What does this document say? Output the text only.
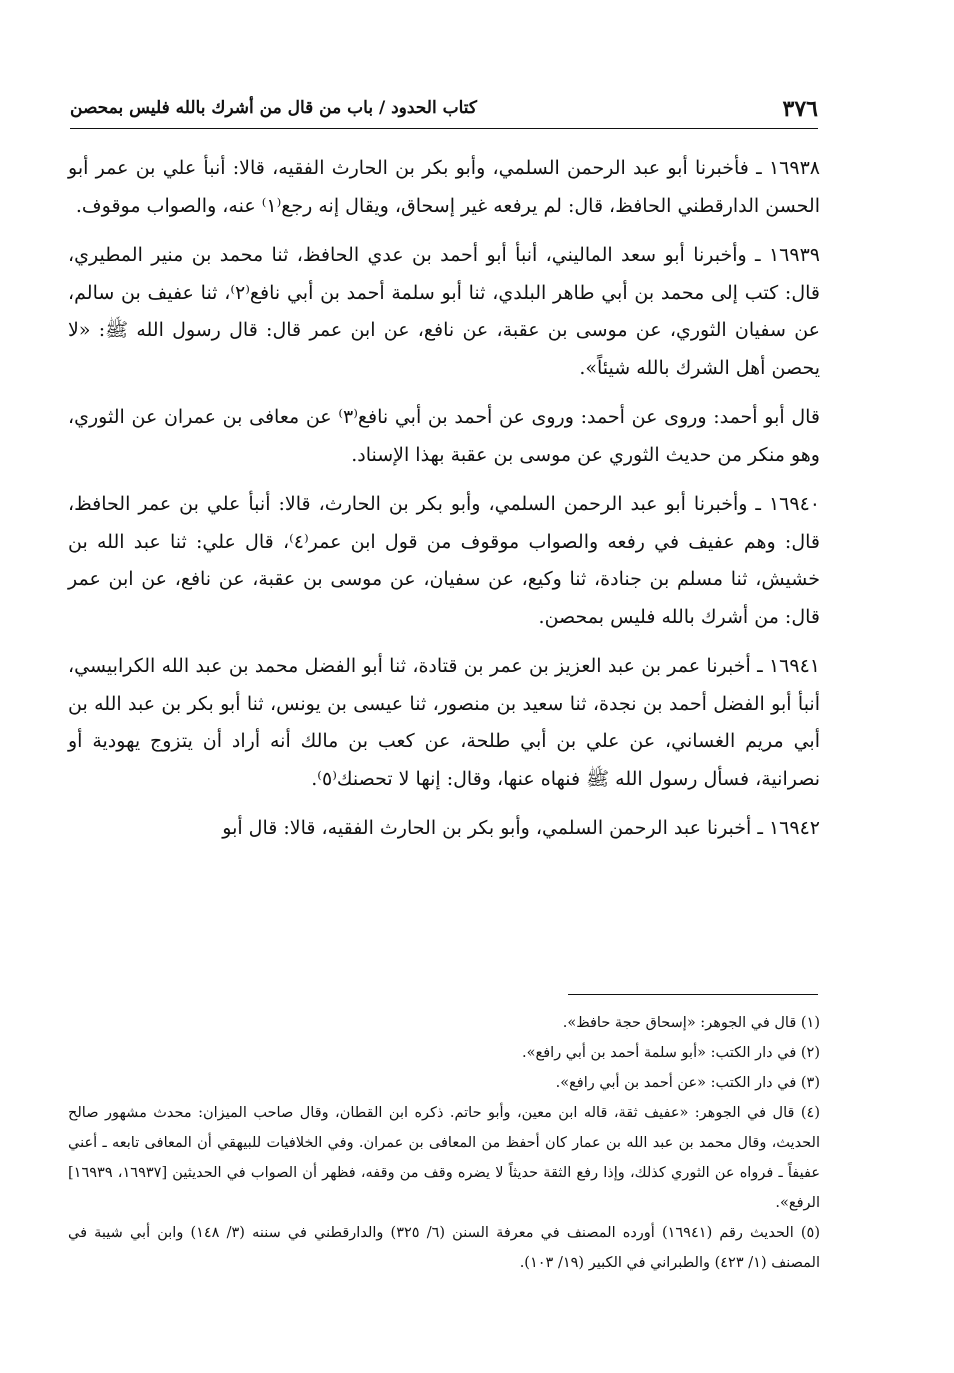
٣٧٦
كتاب الحدود / باب من قال من أشرك بالله فليس بمحصن

١٦٩٣٨ ـ فأخبرنا أبو عبد الرحمن السلمي، وأبو بكر بن الحارث الفقيه، قالا: أنبأ علي بن عمر أبو الحسن الدارقطني الحافظ، قال: لم يرفعه غير إسحاق، ويقال إنه رجع⁽١⁾ عنه، والصواب موقوف.

١٦٩٣٩ ـ وأخبرنا أبو سعد الماليني، أنبأ أبو أحمد بن عدي الحافظ، ثنا محمد بن منير المطيري، قال: كتب إلى محمد بن أبي طاهر البلدي، ثنا أبو سلمة أحمد بن أبي نافع⁽٢⁾، ثنا عفيف بن سالم، عن سفيان الثوري، عن موسى بن عقبة، عن نافع، عن ابن عمر قال: قال رسول الله ﷺ: «لا يحصن أهل الشرك بالله شيئاً».

قال أبو أحمد: وروى عن أحمد: وروى عن أحمد بن أبي نافع⁽٣⁾ عن معافى بن عمران عن الثوري، وهو منكر من حديث الثوري عن موسى بن عقبة بهذا الإسناد.

١٦٩٤٠ ـ وأخبرنا أبو عبد الرحمن السلمي، وأبو بكر بن الحارث، قالا: أنبأ علي بن عمر الحافظ، قال: وهم عفيف في رفعه والصواب موقوف من قول ابن عمر⁽٤⁾، قال علي: ثنا عبد الله بن خشيش، ثنا مسلم بن جنادة، ثنا وكيع، عن سفيان، عن موسى بن عقبة، عن نافع، عن ابن عمر قال: من أشرك بالله فليس بمحصن.

١٦٩٤١ ـ أخبرنا عمر بن عبد العزيز بن عمر بن قتادة، ثنا أبو الفضل محمد بن عبد الله الكرابيسي، أنبأ أبو الفضل أحمد بن نجدة، ثنا سعيد بن منصور، ثنا عيسى بن يونس، ثنا أبو بكر بن عبد الله بن أبي مريم الغساني، عن علي بن أبي طلحة، عن كعب بن مالك أنه أراد أن يتزوج يهودية أو نصرانية، فسأل رسول الله ﷺ فنهاه عنها، وقال: إنها لا تحصنك⁽٥⁾.

١٦٩٤٢ ـ أخبرنا عبد الرحمن السلمي، وأبو بكر بن الحارث الفقيه، قالا: قال أبو

(١) قال في الجوهر: «إسحاق حجة حافظ».

(٢) في دار الكتب: «أبو سلمة أحمد بن أبي رافع».

(٣) في دار الكتب: «عن أحمد بن أبي رافع».

(٤) قال في الجوهر: «عفيف ثقة، قاله ابن معين، وأبو حاتم. ذكره ابن القطان، وقال صاحب الميزان: محدث مشهور صالح الحديث، وقال محمد بن عبد الله بن عمار كان أحفظ من المعافى بن عمران. وفي الخلافيات للبيهقي أن المعافى تابعه ـ أعني عفيفاً ـ فرواه عن الثوري كذلك، وإذا رفع الثقة حديثاً لا يضره وقف من وقفه، فظهر أن الصواب في الحديثين [١٦٩٣٧، ١٦٩٣٩] الرفع».

(٥) الحديث رقم (١٦٩٤١) أورده المصنف في معرفة السنن (٦/ ٣٢٥) والدارقطني في سننه (٣/ ١٤٨) وابن أبي شيبة في المصنف (١/ ٤٢٣) والطبراني في الكبير (١٩/ ١٠٣).
